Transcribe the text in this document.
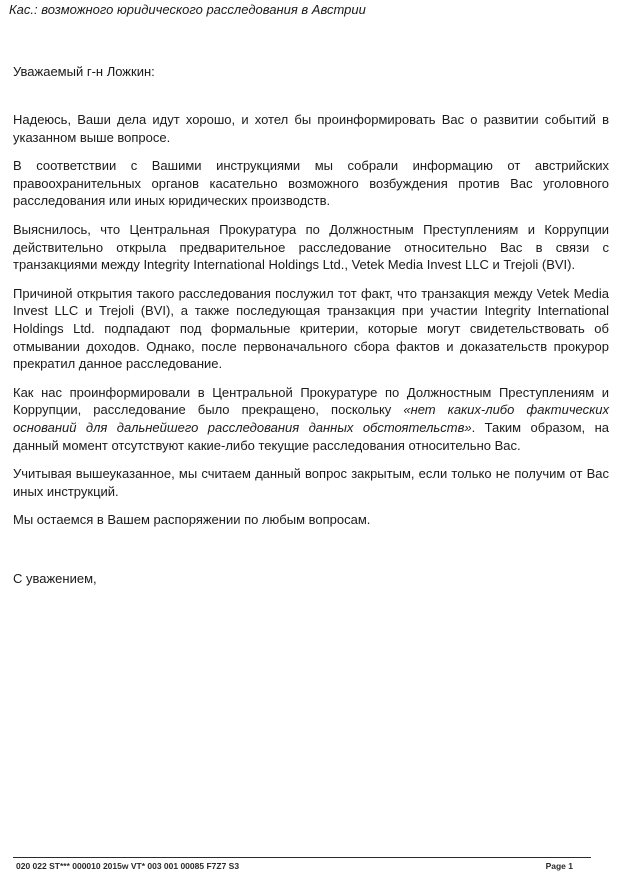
Кас.: возможного юридического расследования в Австрии
Уважаемый г-н Ложкин:

Надеюсь, Ваши дела идут хорошо, и хотел бы проинформировать Вас о развитии событий в указанном выше вопросе.

В соответствии с Вашими инструкциями мы собрали информацию от австрийских правоохранительных органов касательно возможного возбуждения против Вас уголовного расследования или иных юридических производств.

Выяснилось, что Центральная Прокуратура по Должностным Преступлениям и Коррупции действительно открыла предварительное расследование относительно Вас в связи с транзакциями между Integrity International Holdings Ltd., Vetek Media Invest LLC и Trejoli (BVI).

Причиной открытия такого расследования послужил тот факт, что транзакция между Vetek Media Invest LLC и Trejoli (BVI), а также последующая транзакция при участии Integrity International Holdings Ltd. подпадают под формальные критерии, которые могут свидетельствовать об отмывании доходов. Однако, после первоначального сбора фактов и доказательств прокурор прекратил данное расследование.

Как нас проинформировали в Центральной Прокуратуре по Должностным Преступлениям и Коррупции, расследование было прекращено, поскольку «нет каких-либо фактических оснований для дальнейшего расследования данных обстоятельств». Таким образом, на данный момент отсутствуют какие-либо текущие расследования относительно Вас.

Учитывая вышеуказанное, мы считаем данный вопрос закрытым, если только не получим от Вас иных инструкций.

Мы остаемся в Вашем распоряжении по любым вопросам.

С уважением,
020 022 ST*** 000010 2015w VT* 003 001 00085 F7Z7 S3	Page 1
